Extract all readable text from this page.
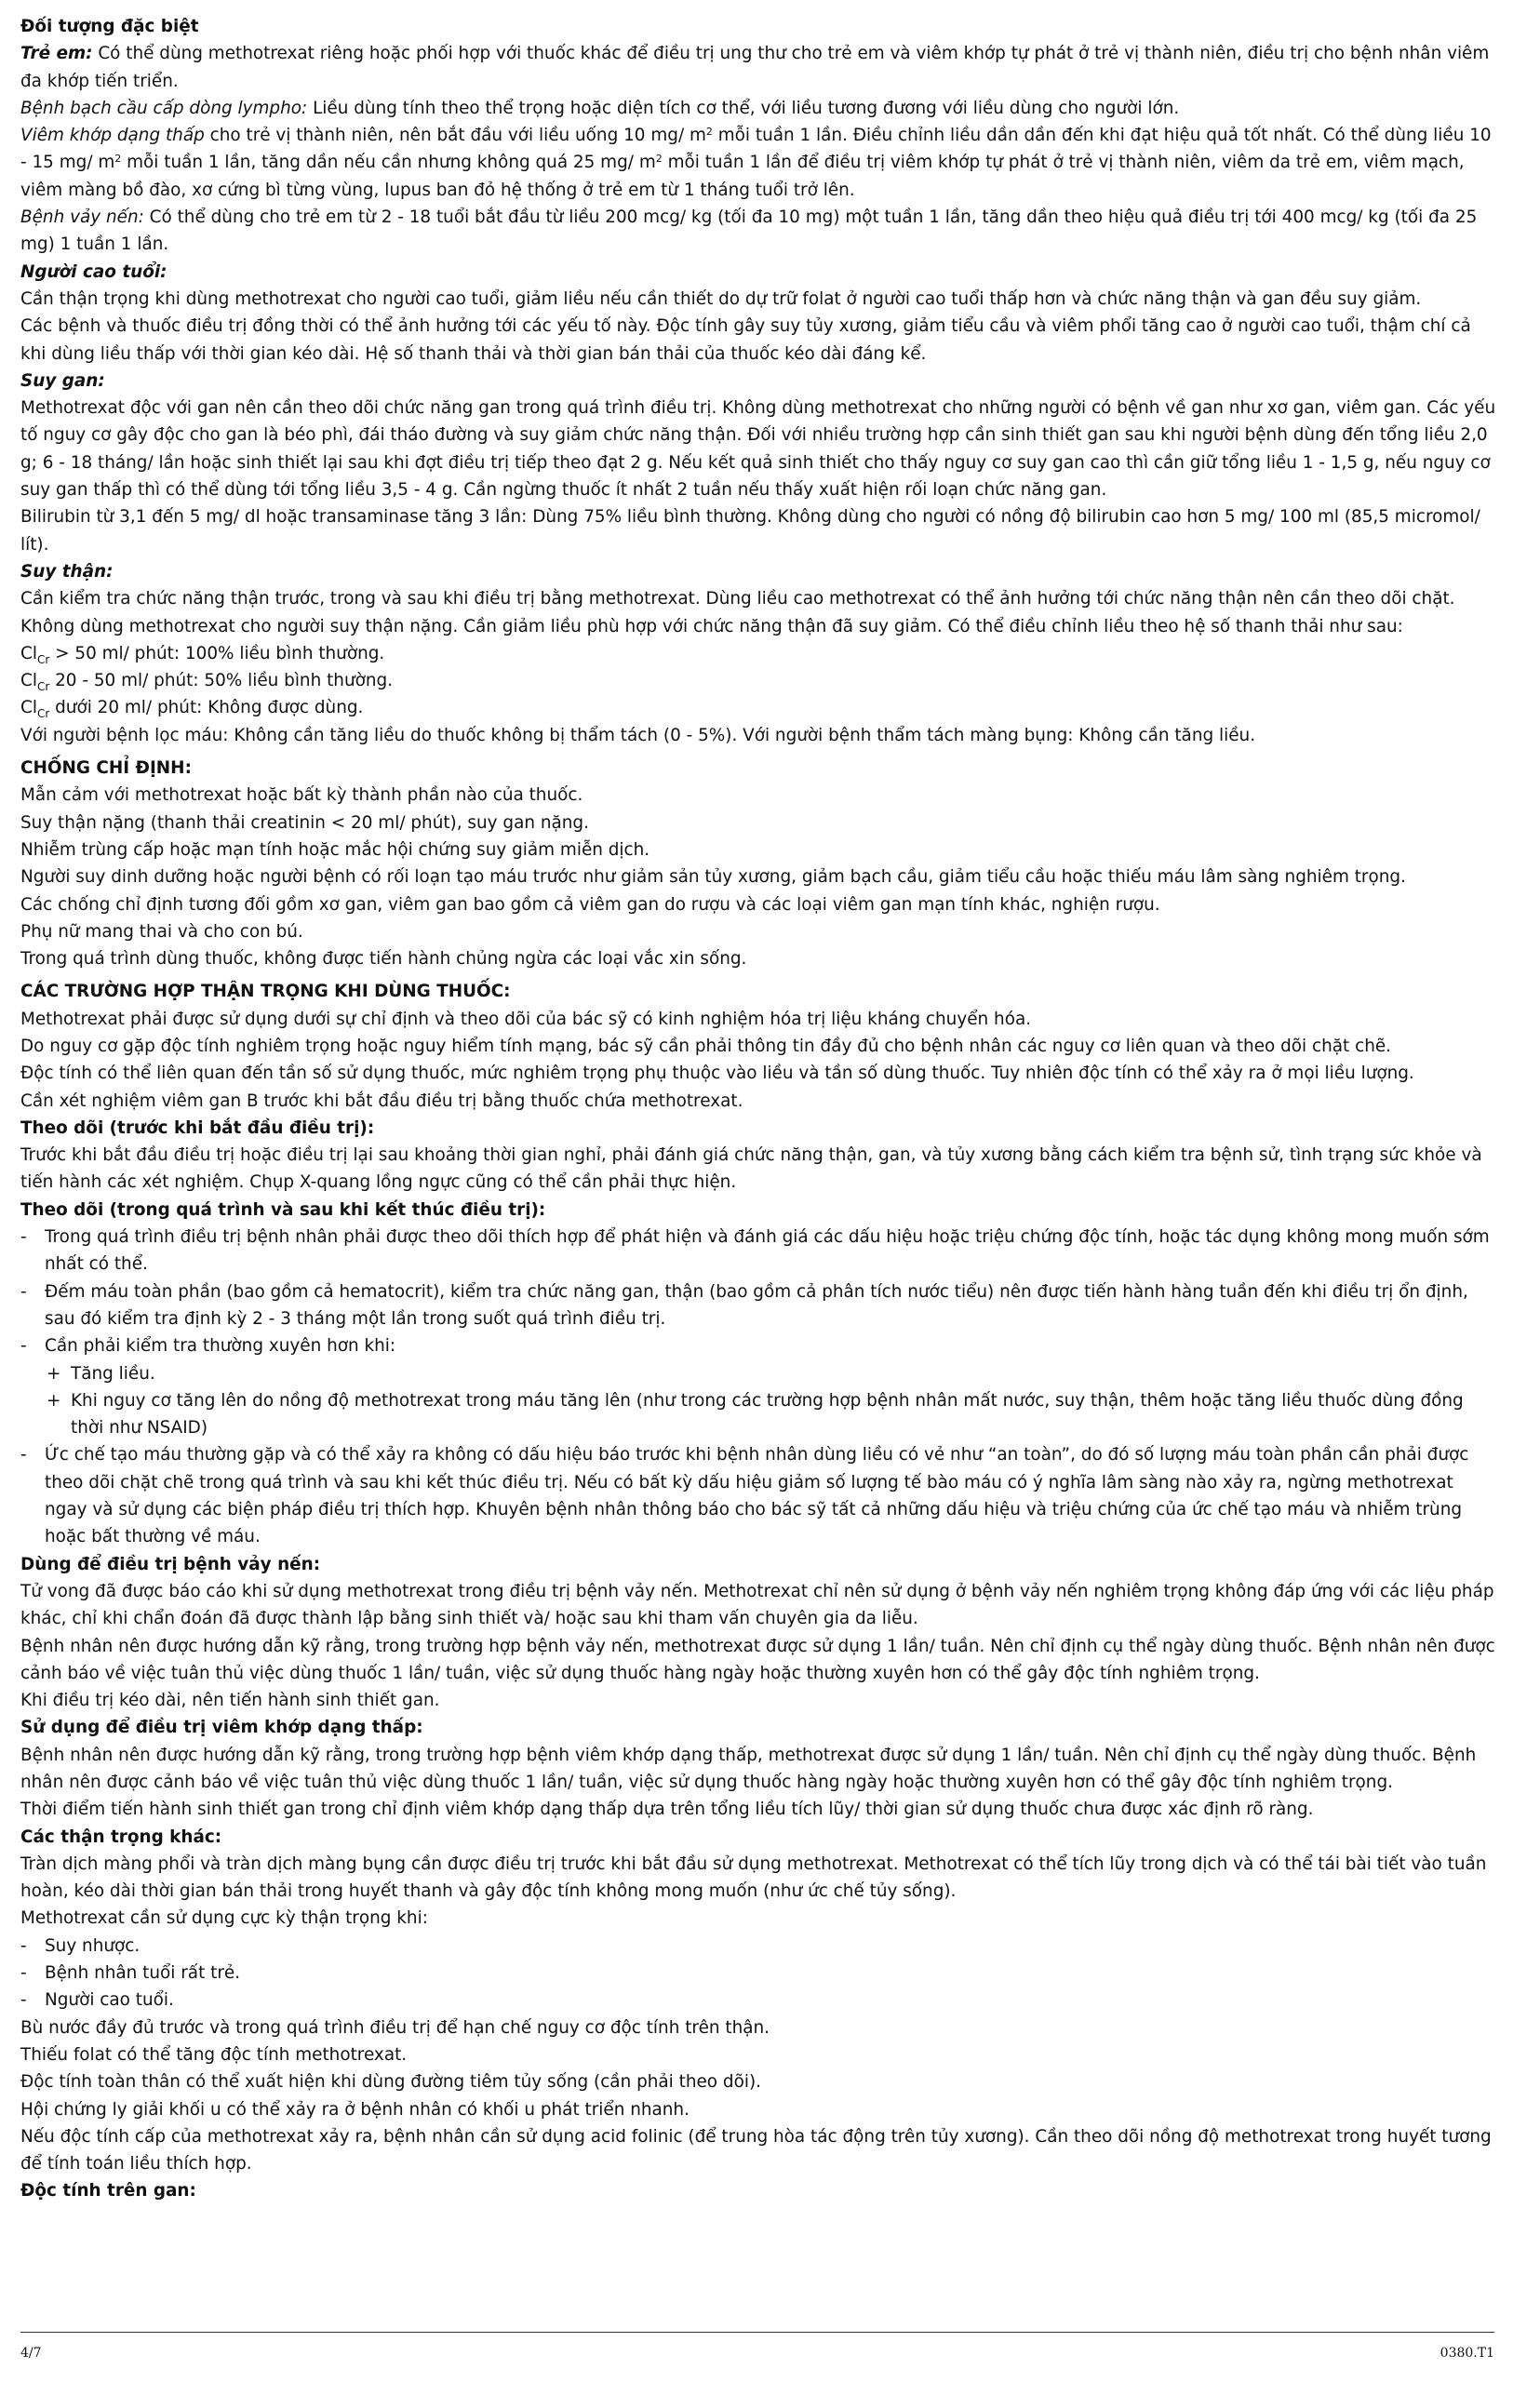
Đối tượng đặc biệt

Trẻ em: Có thể dùng methotrexat riêng hoặc phối hợp với thuốc khác để điều trị ung thư cho trẻ em và viêm khớp tự phát ở trẻ vị thành niên, điều trị cho bệnh nhân viêm đa khớp tiến triển.

Bệnh bạch cầu cấp dòng lympho: Liều dùng tính theo thể trọng hoặc diện tích cơ thể, với liều tương đương với liều dùng cho người lớn.

Viêm khớp dạng thấp cho trẻ vị thành niên, nên bắt đầu với liều uống 10 mg/ $m^2$ mỗi tuần 1 lần. Điều chỉnh liều dần dần đến khi đạt hiệu quả tốt nhất. Có thể dùng liều 10 - 15 mg/ $m^2$ mỗi tuần 1 lần, tăng dần nếu cần nhưng không quá 25 mg/ $m^2$ mỗi tuần 1 lần để điều trị viêm khớp tự phát ở trẻ vị thành niên, viêm da trẻ em, viêm mạch, viêm màng bồ đào, xơ cứng bì từng vùng, lupus ban đỏ hệ thống ở trẻ em từ 1 tháng tuổi trở lên.

Bệnh vảy nến: Có thể dùng cho trẻ em từ 2 - 18 tuổi bắt đầu từ liều 200 mcg/ kg (tối đa 10 mg) một tuần 1 lần, tăng dần theo hiệu quả điều trị tới 400 mcg/ kg (tối đa 25 mg) 1 tuần 1 lần.

Người cao tuổi:

Cần thận trọng khi dùng methotrexat cho người cao tuổi, giảm liều nếu cần thiết do dự trữ folat ở người cao tuổi thấp hơn và chức năng thận và gan đều suy giảm.

Các bệnh và thuốc điều trị đồng thời có thể ảnh hưởng tới các yếu tố này. Độc tính gây suy tủy xương, giảm tiểu cầu và viêm phổi tăng cao ở người cao tuổi, thậm chí cả khi dùng liều thấp với thời gian kéo dài. Hệ số thanh thải và thời gian bán thải của thuốc kéo dài đáng kể.

Suy gan:

Methotrexat độc với gan nên cần theo dõi chức năng gan trong quá trình điều trị. Không dùng methotrexat cho những người có bệnh về gan như xơ gan, viêm gan. Các yếu tố nguy cơ gây độc cho gan là béo phì, đái tháo đường và suy giảm chức năng thận. Đối với nhiều trường hợp cần sinh thiết gan sau khi người bệnh dùng đến tổng liều 2,0 g; 6 - 18 tháng/ lần hoặc sinh thiết lại sau khi đợt điều trị tiếp theo đạt 2 g. Nếu kết quả sinh thiết cho thấy nguy cơ suy gan cao thì cần giữ tổng liều 1 - 1,5 g, nếu nguy cơ suy gan thấp thì có thể dùng tới tổng liều 3,5 - 4 g. Cần ngừng thuốc ít nhất 2 tuần nếu thấy xuất hiện rối loạn chức năng gan.

Bilirubin từ 3,1 đến 5 mg/ dl hoặc transaminase tăng 3 lần: Dùng 75% liều bình thường. Không dùng cho người có nồng độ bilirubin cao hơn 5 mg/ 100 ml (85,5 micromol/ lít).

Suy thận:

Cần kiểm tra chức năng thận trước, trong và sau khi điều trị bằng methotrexat. Dùng liều cao methotrexat có thể ảnh hưởng tới chức năng thận nên cần theo dõi chặt.

Không dùng methotrexat cho người suy thận nặng. Cần giảm liều phù hợp với chức năng thận đã suy giảm. Có thể điều chỉnh liều theo hệ số thanh thải như sau:

$Cl_{Cr} > 50$ ml/ phút: 100% liều bình thường.

$Cl_{Cr}$ 20 - 50 ml/ phút: 50% liều bình thường.

$Cl_{Cr}$ dưới 20 ml/ phút: Không được dùng.

Với người bệnh lọc máu: Không cần tăng liều do thuốc không bị thẩm tách (0 - 5%). Với người bệnh thẩm tách màng bụng: Không cần tăng liều.

CHỐNG CHỈ ĐỊNH:

Mẫn cảm với methotrexat hoặc bất kỳ thành phần nào của thuốc.

Suy thận nặng (thanh thải creatinin < 20 ml/ phút), suy gan nặng.

Nhiễm trùng cấp hoặc mạn tính hoặc mắc hội chứng suy giảm miễn dịch.

Người suy dinh dưỡng hoặc người bệnh có rối loạn tạo máu trước như giảm sản tủy xương, giảm bạch cầu, giảm tiểu cầu hoặc thiếu máu lâm sàng nghiêm trọng.

Các chống chỉ định tương đối gồm xơ gan, viêm gan bao gồm cả viêm gan do rượu và các loại viêm gan mạn tính khác, nghiện rượu.

Phụ nữ mang thai và cho con bú.

Trong quá trình dùng thuốc, không được tiến hành chủng ngừa các loại vắc xin sống.

CÁC TRƯỜNG HỢP THẬN TRỌNG KHI DÙNG THUỐC:

Methotrexat phải được sử dụng dưới sự chỉ định và theo dõi của bác sỹ có kinh nghiệm hóa trị liệu kháng chuyển hóa.

Do nguy cơ gặp độc tính nghiêm trọng hoặc nguy hiểm tính mạng, bác sỹ cần phải thông tin đầy đủ cho bệnh nhân các nguy cơ liên quan và theo dõi chặt chẽ.

Độc tính có thể liên quan đến tần số sử dụng thuốc, mức nghiêm trọng phụ thuộc vào liều và tần số dùng thuốc. Tuy nhiên độc tính có thể xảy ra ở mọi liều lượng.

Cần xét nghiệm viêm gan B trước khi bắt đầu điều trị bằng thuốc chứa methotrexat.

Theo dõi (trước khi bắt đầu điều trị):

Trước khi bắt đầu điều trị hoặc điều trị lại sau khoảng thời gian nghỉ, phải đánh giá chức năng thận, gan, và tủy xương bằng cách kiểm tra bệnh sử, tình trạng sức khỏe và tiến hành các xét nghiệm. Chụp X-quang lồng ngực cũng có thể cần phải thực hiện.

Theo dõi (trong quá trình và sau khi kết thúc điều trị):

- Trong quá trình điều trị bệnh nhân phải được theo dõi thích hợp để phát hiện và đánh giá các dấu hiệu hoặc triệu chứng độc tính, hoặc tác dụng không mong muốn sớm nhất có thể.

- Đếm máu toàn phần (bao gồm cả hematocrit), kiểm tra chức năng gan, thận (bao gồm cả phân tích nước tiểu) nên được tiến hành hàng tuần đến khi điều trị ổn định, sau đó kiểm tra định kỳ 2 - 3 tháng một lần trong suốt quá trình điều trị.

- Cần phải kiểm tra thường xuyên hơn khi:

+ Tăng liều.

+ Khi nguy cơ tăng lên do nồng độ methotrexat trong máu tăng lên (như trong các trường hợp bệnh nhân mất nước, suy thận, thêm hoặc tăng liều thuốc dùng đồng thời như NSAID)

- Ức chế tạo máu thường gặp và có thể xảy ra không có dấu hiệu báo trước khi bệnh nhân dùng liều có vẻ như “an toàn”, do đó số lượng máu toàn phần cần phải được theo dõi chặt chẽ trong quá trình và sau khi kết thúc điều trị. Nếu có bất kỳ dấu hiệu giảm số lượng tế bào máu có ý nghĩa lâm sàng nào xảy ra, ngừng methotrexat ngay và sử dụng các biện pháp điều trị thích hợp. Khuyên bệnh nhân thông báo cho bác sỹ tất cả những dấu hiệu và triệu chứng của ức chế tạo máu và nhiễm trùng hoặc bất thường về máu.

Dùng để điều trị bệnh vảy nến:

Tử vong đã được báo cáo khi sử dụng methotrexat trong điều trị bệnh vảy nến. Methotrexat chỉ nên sử dụng ở bệnh vảy nến nghiêm trọng không đáp ứng với các liệu pháp khác, chỉ khi chẩn đoán đã được thành lập bằng sinh thiết và/ hoặc sau khi tham vấn chuyên gia da liễu.

Bệnh nhân nên được hướng dẫn kỹ rằng, trong trường hợp bệnh vảy nến, methotrexat được sử dụng 1 lần/ tuần. Nên chỉ định cụ thể ngày dùng thuốc. Bệnh nhân nên được cảnh báo về việc tuân thủ việc dùng thuốc 1 lần/ tuần, việc sử dụng thuốc hàng ngày hoặc thường xuyên hơn có thể gây độc tính nghiêm trọng.

Khi điều trị kéo dài, nên tiến hành sinh thiết gan.

Sử dụng để điều trị viêm khớp dạng thấp:

Bệnh nhân nên được hướng dẫn kỹ rằng, trong trường hợp bệnh viêm khớp dạng thấp, methotrexat được sử dụng 1 lần/ tuần. Nên chỉ định cụ thể ngày dùng thuốc. Bệnh nhân nên được cảnh báo về việc tuân thủ việc dùng thuốc 1 lần/ tuần, việc sử dụng thuốc hàng ngày hoặc thường xuyên hơn có thể gây độc tính nghiêm trọng.

Thời điểm tiến hành sinh thiết gan trong chỉ định viêm khớp dạng thấp dựa trên tổng liều tích lũy/ thời gian sử dụng thuốc chưa được xác định rõ ràng.

Các thận trọng khác:

Tràn dịch màng phổi và tràn dịch màng bụng cần được điều trị trước khi bắt đầu sử dụng methotrexat. Methotrexat có thể tích lũy trong dịch và có thể tái bài tiết vào tuần hoàn, kéo dài thời gian bán thải trong huyết thanh và gây độc tính không mong muốn (như ức chế tủy sống).

Methotrexat cần sử dụng cực kỳ thận trọng khi:

- Suy nhược.

- Bệnh nhân tuổi rất trẻ.

- Người cao tuổi.

Bù nước đầy đủ trước và trong quá trình điều trị để hạn chế nguy cơ độc tính trên thận.

Thiếu folat có thể tăng độc tính methotrexat.

Độc tính toàn thân có thể xuất hiện khi dùng đường tiêm tủy sống (cần phải theo dõi).

Hội chứng ly giải khối u có thể xảy ra ở bệnh nhân có khối u phát triển nhanh.

Nếu độc tính cấp của methotrexat xảy ra, bệnh nhân cần sử dụng acid folinic (để trung hòa tác động trên tủy xương). Cần theo dõi nồng độ methotrexat trong huyết tương để tính toán liều thích hợp.

Độc tính trên gan:

4/7	0380.T1
